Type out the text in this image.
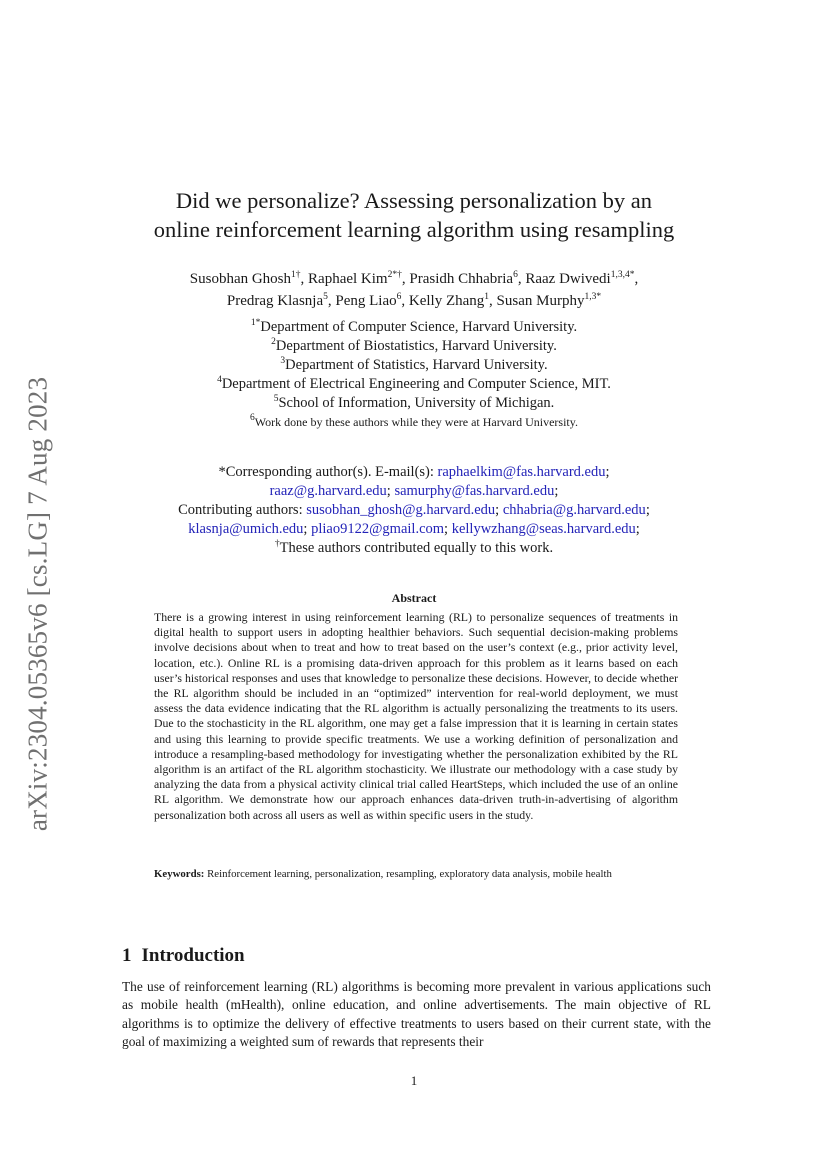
arXiv:2304.05365v6 [cs.LG] 7 Aug 2023
Did we personalize? Assessing personalization by an
online reinforcement learning algorithm using resampling
Susobhan Ghosh$^{1\dagger}$, Raphael Kim$^{2*\dagger}$, Prasidh Chhabria$^6$, Raaz Dwivedi$^{1,3,4*}$,
Predrag Klasnja$^5$, Peng Liao$^6$, Kelly Zhang$^1$, Susan Murphy$^{1,3*}$
$^{1*}$Department of Computer Science, Harvard University.
$^2$Department of Biostatistics, Harvard University.
$^3$Department of Statistics, Harvard University.
$^4$Department of Electrical Engineering and Computer Science, MIT.
$^5$School of Information, University of Michigan.
$^6$Work done by these authors while they were at Harvard University.
*Corresponding author(s). E-mail(s): raphaelkim@fas.harvard.edu;
raaz@g.harvard.edu; samurphy@fas.harvard.edu;
Contributing authors: susobhan_ghosh@g.harvard.edu; chhabria@g.harvard.edu;
klasnja@umich.edu; pliao9122@gmail.com; kellywzhang@seas.harvard.edu;
†These authors contributed equally to this work.
Abstract
There is a growing interest in using reinforcement learning (RL) to personalize sequences of treatments in digital health to support users in adopting healthier behaviors. Such sequential decision-making problems involve decisions about when to treat and how to treat based on the user’s context (e.g., prior activity level, location, etc.). Online RL is a promising data-driven approach for this problem as it learns based on each user’s historical responses and uses that knowledge to personalize these decisions. However, to decide whether the RL algorithm should be included in an “optimized” intervention for real-world deployment, we must assess the data evidence indicating that the RL algorithm is actually personalizing the treatments to its users. Due to the stochasticity in the RL algorithm, one may get a false impression that it is learning in certain states and using this learning to provide specific treatments. We use a working definition of personalization and introduce a resampling-based methodology for investigating whether the personalization exhibited by the RL algorithm is an artifact of the RL algorithm stochasticity. We illustrate our methodology with a case study by analyzing the data from a physical activity clinical trial called HeartSteps, which included the use of an online RL algorithm. We demonstrate how our approach enhances data-driven truth-in-advertising of algorithm personalization both across all users as well as within specific users in the study.
Keywords: Reinforcement learning, personalization, resampling, exploratory data analysis, mobile health
1 Introduction
The use of reinforcement learning (RL) algorithms is becoming more prevalent in various applications such as mobile health (mHealth), online education, and online advertisements. The main objective of RL algorithms is to optimize the delivery of effective treatments to users based on their current state, with the goal of maximizing a weighted sum of rewards that represents their
1
